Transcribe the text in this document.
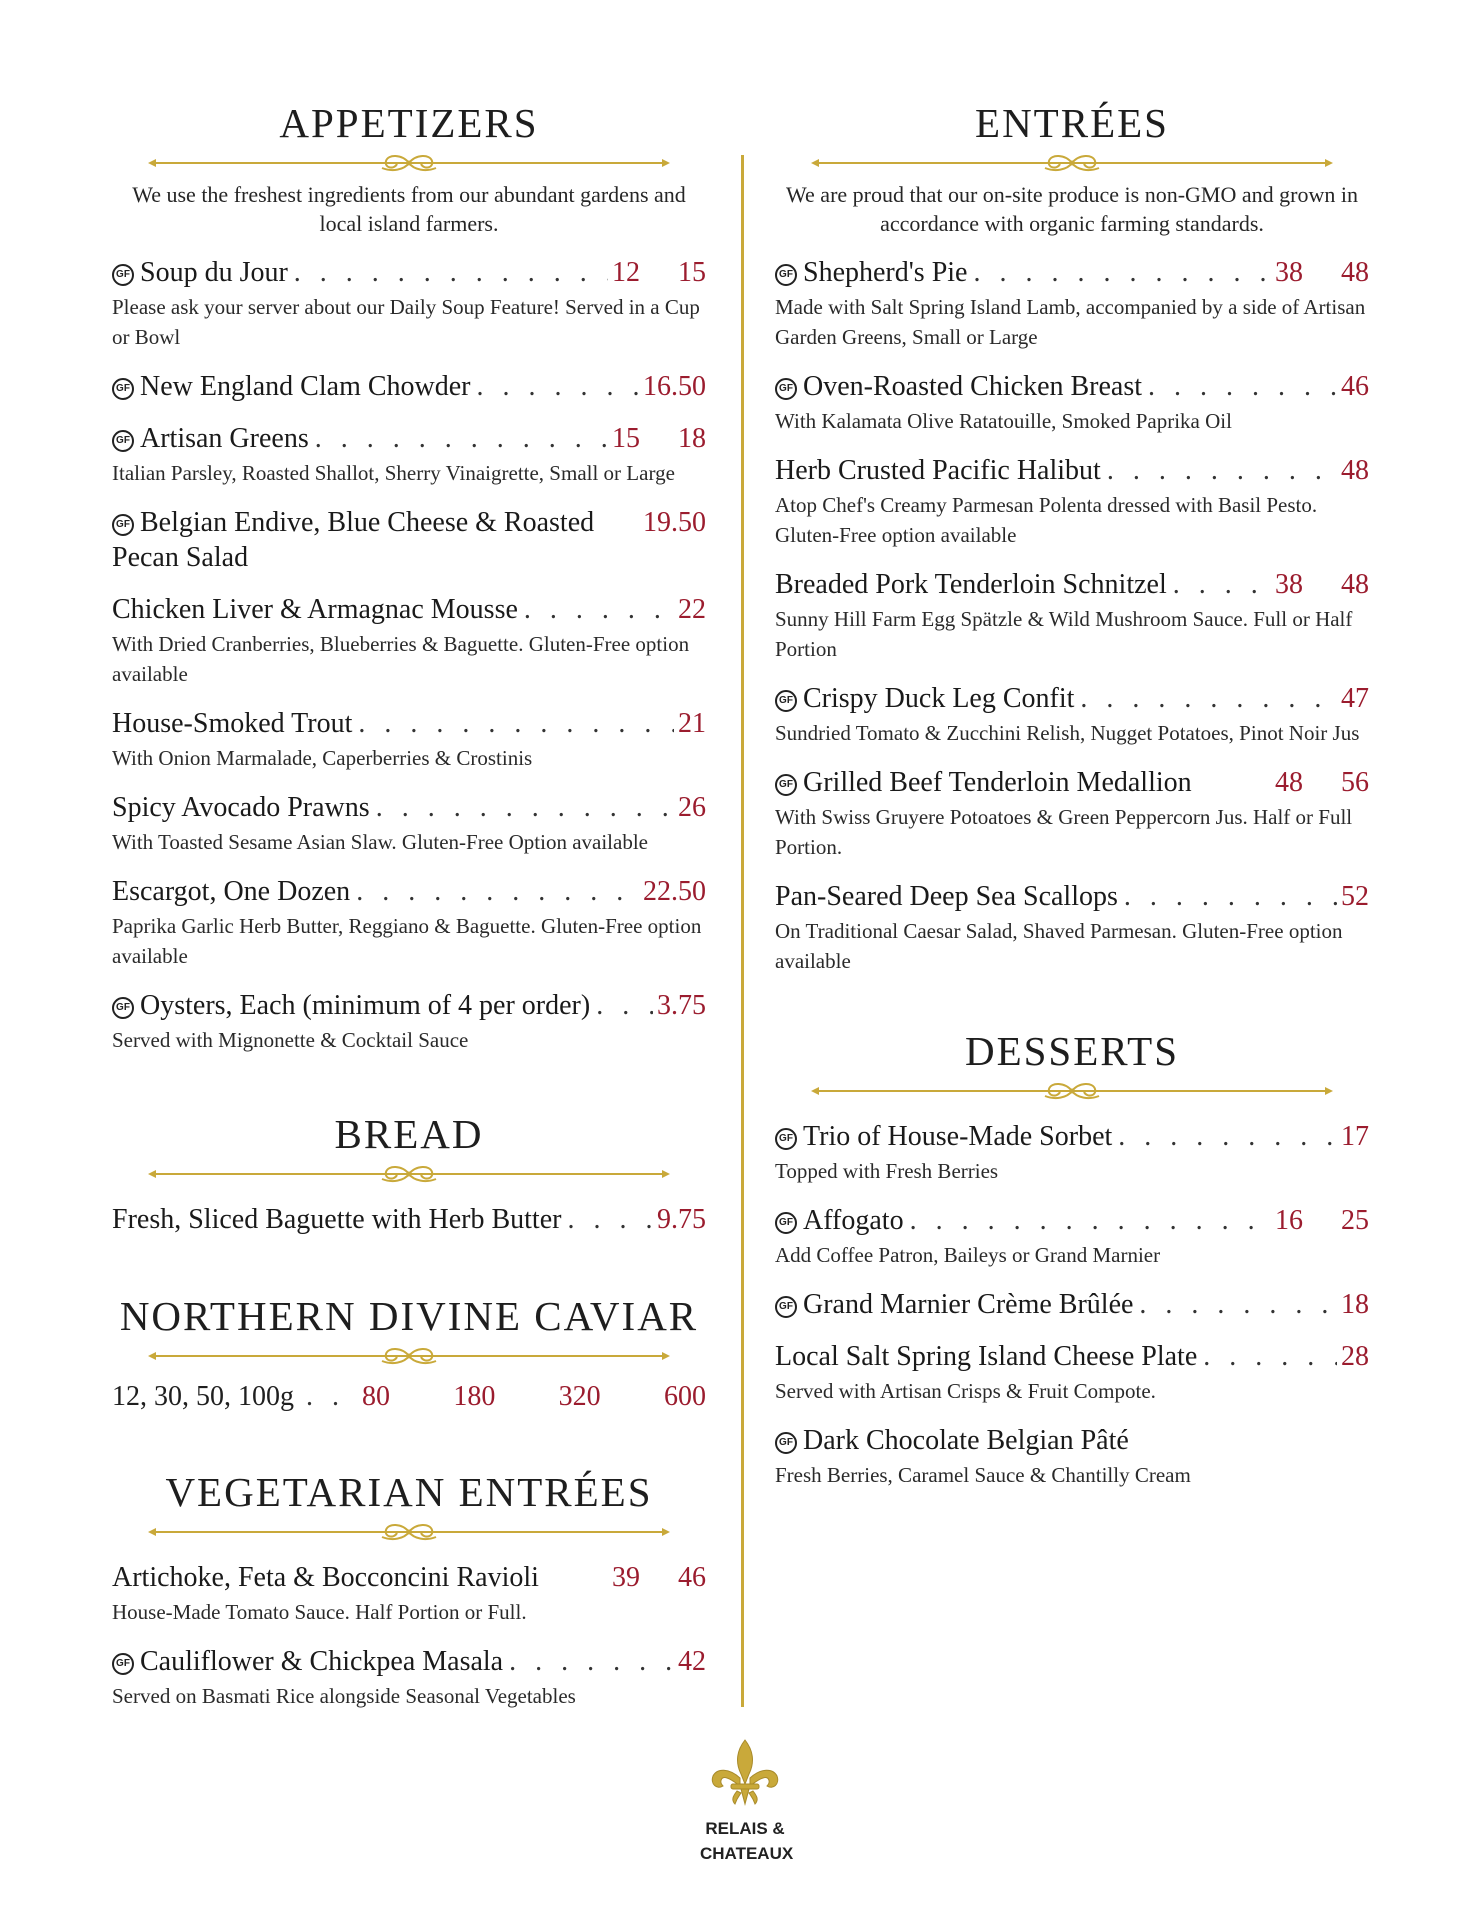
APPETIZERS
We use the freshest ingredients from our abundant gardens and local island farmers.
GF Soup du Jour . . .	12	15
Please ask your server about our Daily Soup Feature! Served in a Cup or Bowl
GF New England Clam Chowder . . .	16.50
GF Artisan Greens . . .	15	18
Italian Parsley, Roasted Shallot, Sherry Vinaigrette, Small or Large
GF Belgian Endive, Blue Cheese & Roasted Pecan Salad
19.50
Chicken Liver & Armagnac Mousse . . .	22
With Dried Cranberries, Blueberries & Baguette. Gluten-Free option available
House-Smoked Trout . . .	21
With Onion Marmalade, Caperberries & Crostinis
Spicy Avocado Prawns . . .	26
With Toasted Sesame Asian Slaw. Gluten-Free Option available
Escargot, One Dozen . . .	22.50
Paprika Garlic Herb Butter, Reggiano & Baguette. Gluten-Free option available
GF Oysters, Each (minimum of 4 per order) . . . 3.75
Served with Mignonette & Cocktail Sauce
BREAD
Fresh, Sliced Baguette with Herb Butter . . .	9.75
NORTHERN DIVINE CAVIAR
12, 30, 50, 100g . . . 80	180	320	600
VEGETARIAN ENTRÉES
Artichoke, Feta & Bocconcini Ravioli	39	46
House-Made Tomato Sauce. Half Portion or Full.
GF Cauliflower & Chickpea Masala . . .	42
Served on Basmati Rice alongside Seasonal Vegetables
ENTRÉES
We are proud that our on-site produce is non-GMO and grown in accordance with organic farming standards.
GF Shepherd's Pie . . .	38	48
Made with Salt Spring Island Lamb, accompanied by a side of Artisan Garden Greens, Small or Large
GF Oven-Roasted Chicken Breast . . .	46
With Kalamata Olive Ratatouille, Smoked Paprika Oil
Herb Crusted Pacific Halibut . . .	48
Atop Chef's Creamy Parmesan Polenta dressed with Basil Pesto. Gluten-Free option available
Breaded Pork Tenderloin Schnitzel . . .	38	48
Sunny Hill Farm Egg Spätzle & Wild Mushroom Sauce. Full or Half Portion
GF Crispy Duck Leg Confit . . .	47
Sundried Tomato & Zucchini Relish, Nugget Potatoes, Pinot Noir Jus
GF Grilled Beef Tenderloin Medallion	48	56
With Swiss Gruyere Potoatoes & Green Peppercorn Jus. Half or Full Portion.
Pan-Seared Deep Sea Scallops . . .	52
On Traditional Caesar Salad, Shaved Parmesan. Gluten-Free option available
DESSERTS
GF Trio of House-Made Sorbet . . .	17
Topped with Fresh Berries
GF Affogato . . .	16	25
Add Coffee Patron, Baileys or Grand Marnier
GF Grand Marnier Crème Brûlée . . .	18
Local Salt Spring Island Cheese Plate . . .	28
Served with Artisan Crisps & Fruit Compote.
GF Dark Chocolate Belgian Pâté
Fresh Berries, Caramel Sauce & Chantilly Cream
RELAIS &
CHATEAUX
